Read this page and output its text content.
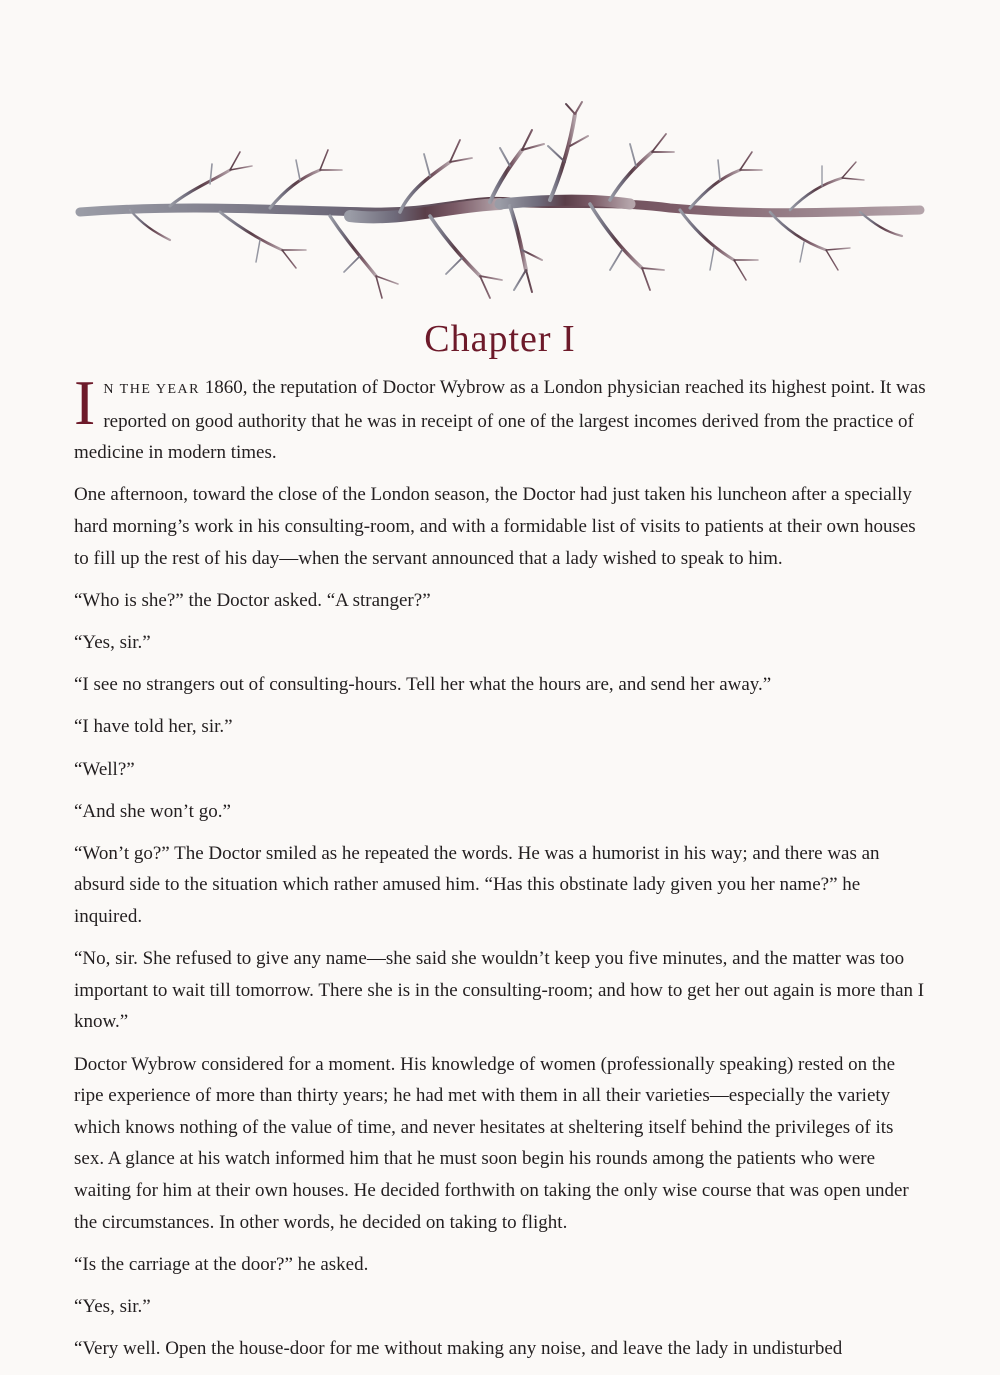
Chapter I

IN THE YEAR 1860, the reputation of Doctor Wybrow as a London physician reached its highest point. It was reported on good authority that he was in receipt of one of the largest incomes derived from the practice of medicine in modern times.

One afternoon, toward the close of the London season, the Doctor had just taken his luncheon after a specially hard morning’s work in his consulting-room, and with a formidable list of visits to patients at their own houses to fill up the rest of his day—when the servant announced that a lady wished to speak to him.

“Who is she?” the Doctor asked. “A stranger?”

“Yes, sir.”

“I see no strangers out of consulting-hours. Tell her what the hours are, and send her away.”

“I have told her, sir.”

“Well?”

“And she won’t go.”

“Won’t go?” The Doctor smiled as he repeated the words. He was a humorist in his way; and there was an absurd side to the situation which rather amused him. “Has this obstinate lady given you her name?” he inquired.

“No, sir. She refused to give any name—she said she wouldn’t keep you five minutes, and the matter was too important to wait till tomorrow. There she is in the consulting-room; and how to get her out again is more than I know.”

Doctor Wybrow considered for a moment. His knowledge of women (professionally speaking) rested on the ripe experience of more than thirty years; he had met with them in all their varieties—especially the variety which knows nothing of the value of time, and never hesitates at sheltering itself behind the privileges of its sex. A glance at his watch informed him that he must soon begin his rounds among the patients who were waiting for him at their own houses. He decided forthwith on taking the only wise course that was open under the circumstances. In other words, he decided on taking to flight.

“Is the carriage at the door?” he asked.

“Yes, sir.”

“Very well. Open the house-door for me without making any noise, and leave the lady in undisturbed
